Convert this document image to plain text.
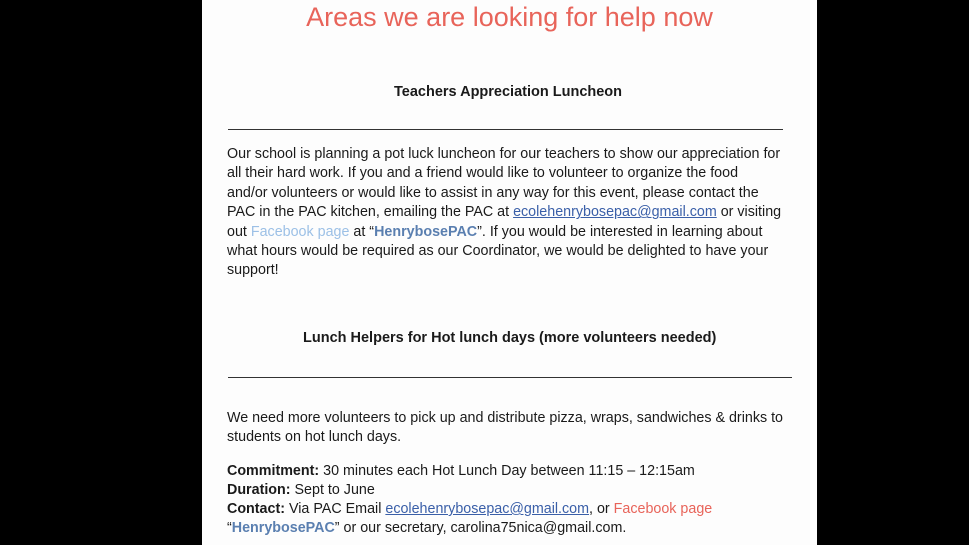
Areas we are looking for help now
Teachers Appreciation Luncheon
Our school is planning a pot luck luncheon for our teachers to show our appreciation for
all their hard work. If you and a friend would like to volunteer to organize the food
and/or volunteers or would like to assist in any way for this event, please contact the
PAC in the PAC kitchen, emailing the PAC at ecolehenrybosepac@gmail.com or visiting
out Facebook page at “HenrybosePAC”. If you would be interested in learning about
what hours would be required as our Coordinator, we would be delighted to have your
support!
Lunch Helpers for Hot lunch days (more volunteers needed)
We need more volunteers to pick up and distribute pizza, wraps, sandwiches & drinks to
students on hot lunch days.
Commitment: 30 minutes each Hot Lunch Day between 11:15 – 12:15am
Duration: Sept to June
Contact: Via PAC Email ecolehenrybosepac@gmail.com, or Facebook page
“HenrybosePAC” or our secretary, carolina75nica@gmail.com.
